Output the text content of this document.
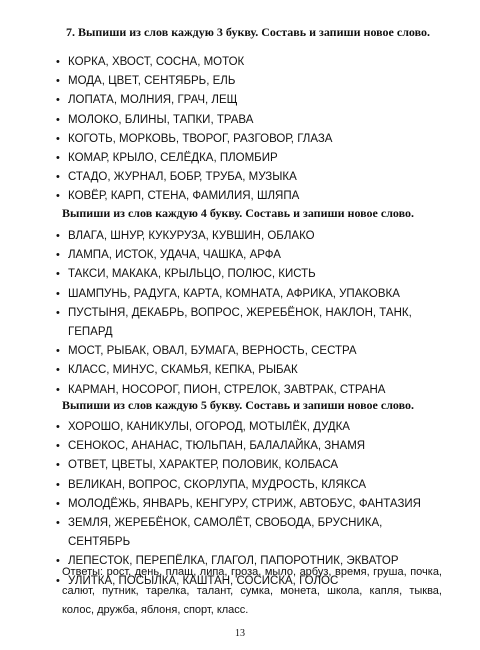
7. Выпиши из слов каждую 3 букву. Составь и запиши новое слово.
• КОРКА, ХВОСТ, СОСНА, МОТОК
• МОДА, ЦВЕТ, СЕНТЯБРЬ, ЕЛЬ
• ЛОПАТА, МОЛНИЯ, ГРАЧ, ЛЕЩ
• МОЛОКО, БЛИНЫ, ТАПКИ, ТРАВА
• КОГОТЬ, МОРКОВЬ, ТВОРОГ, РАЗГОВОР, ГЛАЗА
• КОМАР, КРЫЛО, СЕЛЁДКА, ПЛОМБИР
• СТАДО, ЖУРНАЛ, БОБР, ТРУБА, МУЗЫКА
• КОВЁР, КАРП, СТЕНА, ФАМИЛИЯ, ШЛЯПА
Выпиши из слов каждую 4 букву. Составь и запиши новое слово.
• ВЛАГА, ШНУР, КУКУРУЗА, КУВШИН, ОБЛАКО
• ЛАМПА, ИСТОК, УДАЧА, ЧАШКА, АРФА
• ТАКСИ, МАКАКА, КРЫЛЬЦО, ПОЛЮС, КИСТЬ
• ШАМПУНЬ, РАДУГА, КАРТА, КОМНАТА, АФРИКА, УПАКОВКА
• ПУСТЫНЯ, ДЕКАБРЬ, ВОПРОС, ЖЕРЕБЁНОК, НАКЛОН, ТАНК,
ГЕПАРД
• МОСТ, РЫБАК, ОВАЛ, БУМАГА, ВЕРНОСТЬ, СЕСТРА
• КЛАСС, МИНУС, СКАМЬЯ, КЕПКА, РЫБАК
• КАРМАН, НОСОРОГ, ПИОН, СТРЕЛОК, ЗАВТРАК, СТРАНА
Выпиши из слов каждую 5 букву. Составь и запиши новое слово.
• ХОРОШО, КАНИКУЛЫ, ОГОРОД, МОТЫЛЁК, ДУДКА
• СЕНОКОС, АНАНАС, ТЮЛЬПАН, БАЛАЛАЙКА, ЗНАМЯ
• ОТВЕТ, ЦВЕТЫ, ХАРАКТЕР, ПОЛОВИК, КОЛБАСА
• ВЕЛИКАН, ВОПРОС, СКОРЛУПА, МУДРОСТЬ, КЛЯКСА
• МОЛОДЁЖЬ, ЯНВАРЬ, КЕНГУРУ, СТРИЖ, АВТОБУС, ФАНТАЗИЯ
• ЗЕМЛЯ, ЖЕРЕБЁНОК, САМОЛЁТ, СВОБОДА, БРУСНИКА,
СЕНТЯБРЬ
• ЛЕПЕСТОК, ПЕРЕПЁЛКА, ГЛАГОЛ, ПАПОРОТНИК, ЭКВАТОР
• УЛИТКА, ПОСЫЛКА, КАШТАН, СОСИСКА, ГОЛОС
Ответы: рост, день, плащ, липа, гроза, мыло, арбуз, время, груша, почка, салют, путник, тарелка, талант, сумка, монета, школа, капля, тыква, колос, дружба, яблоня, спорт, класс.
13
